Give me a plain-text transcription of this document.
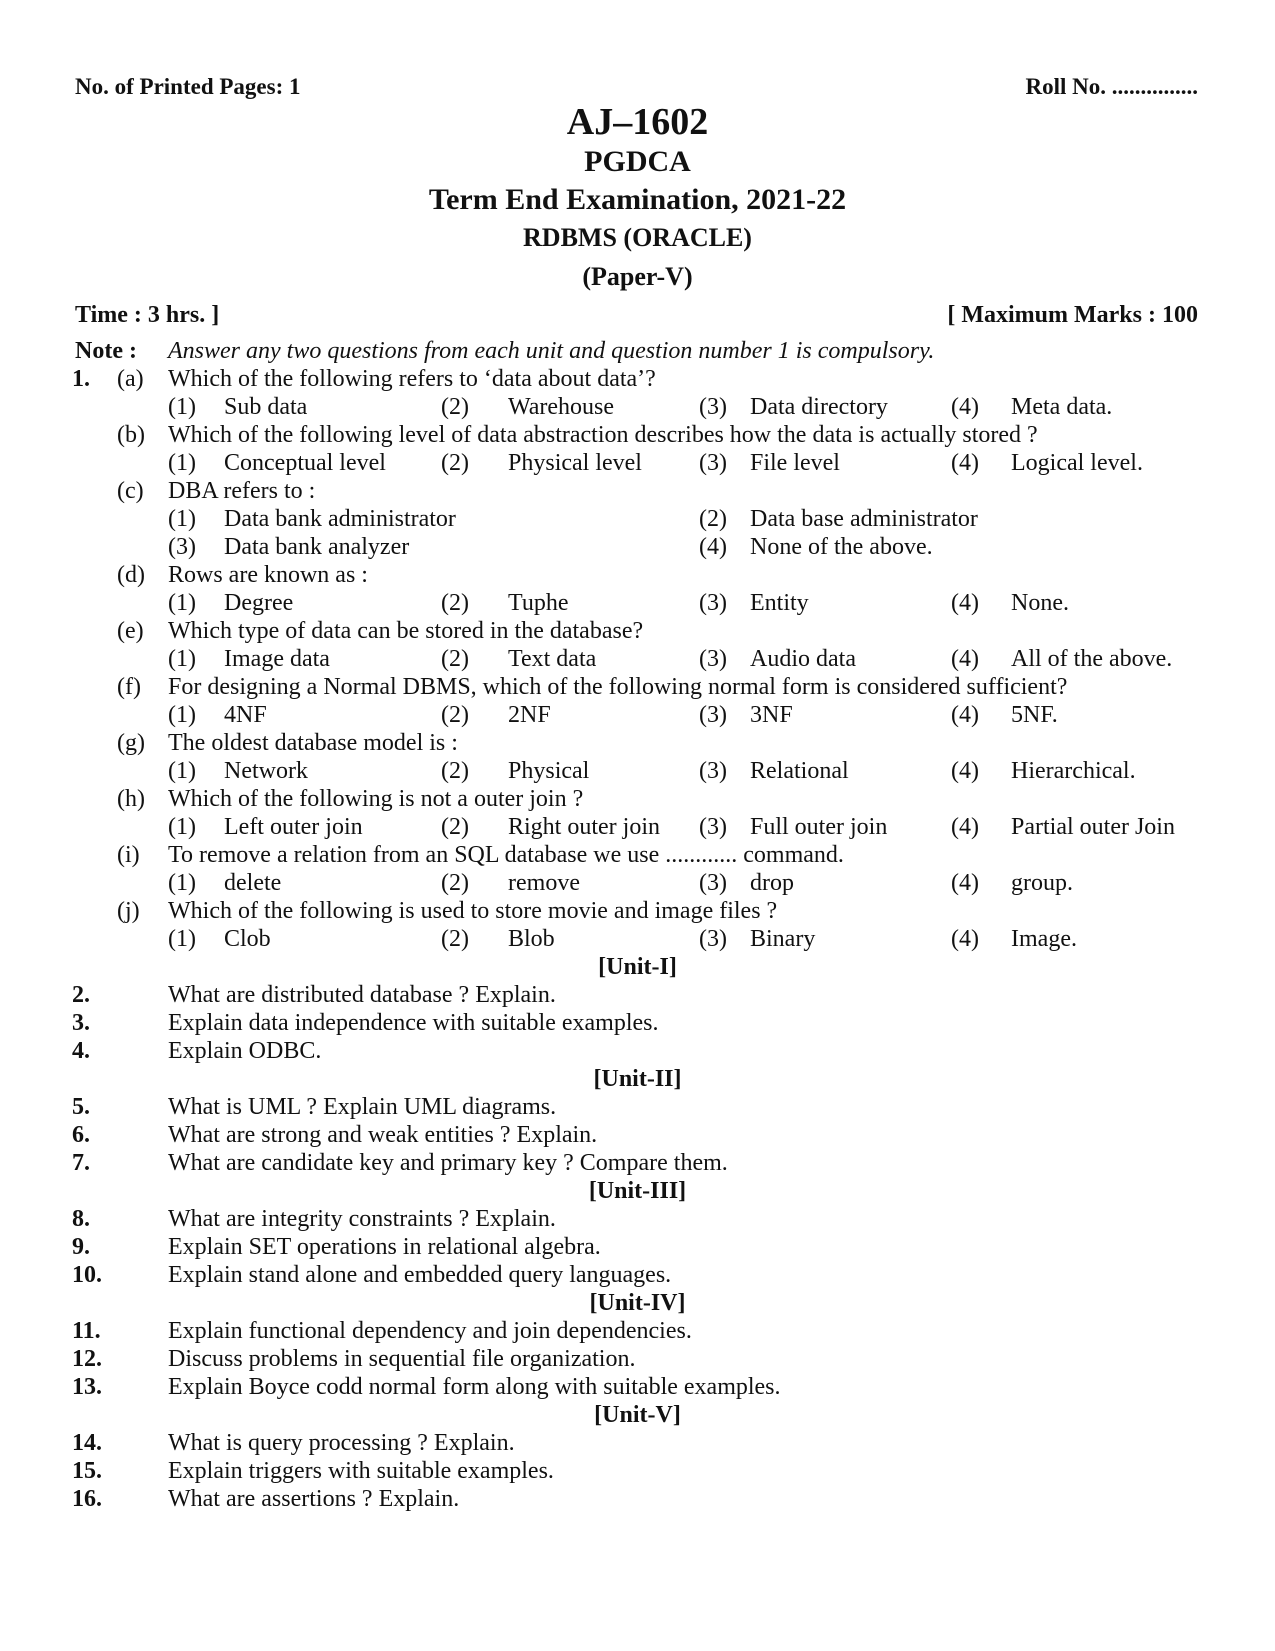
No. of Printed Pages: 1	Roll No. ...............
AJ–1602
PGDCA
Term End Examination, 2021-22
RDBMS (ORACLE)
(Paper-V)
Time : 3 hrs. ]	[ Maximum Marks : 100
Note : Answer any two questions from each unit and question number 1 is compulsory.
1. (a) Which of the following refers to ‘data about data’?
(1) Sub data	(2) Warehouse	(3) Data directory	(4) Meta data.
(b) Which of the following level of data abstraction describes how the data is actually stored ?
(1) Conceptual level (2) Physical level (3) File level	(4) Logical level.
(c) DBA refers to :
(1) Data bank administrator	(2) Data base administrator
(3) Data bank analyzer	(4) None of the above.
(d) Rows are known as :
(1) Degree	(2) Tuphe	(3) Entity	(4) None.
(e) Which type of data can be stored in the database?
(1) Image data	(2) Text data	(3) Audio data	(4) All of the above.
(f) For designing a Normal DBMS, which of the following normal form is considered sufficient?
(1) 4NF	(2) 2NF	(3) 3NF	(4) 5NF.
(g) The oldest database model is :
(1) Network	(2) Physical	(3) Relational	(4) Hierarchical.
(h) Which of the following is not a outer join ?
(1) Left outer join	(2) Right outer join (3) Full outer join	(4) Partial outer Join
(i) To remove a relation from an SQL database we use ............ command.
(1) delete	(2) remove	(3) drop	(4) group.
(j) Which of the following is used to store movie and image files ?
(1) Clob	(2) Blob	(3) Binary	(4) Image.
[Unit-I]
2.	What are distributed database ? Explain.
3.	Explain data independence with suitable examples.
4.	Explain ODBC.
[Unit-II]
5.	What is UML ? Explain UML diagrams.
6.	What are strong and weak entities ? Explain.
7.	What are candidate key and primary key ? Compare them.
[Unit-III]
8.	What are integrity constraints ? Explain.
9.	Explain SET operations in relational algebra.
10.	Explain stand alone and embedded query languages.
[Unit-IV]
11.	Explain functional dependency and join dependencies.
12.	Discuss problems in sequential file organization.
13.	Explain Boyce codd normal form along with suitable examples.
[Unit-V]
14.	What is query processing ? Explain.
15.	Explain triggers with suitable examples.
16.	What are assertions ? Explain.
